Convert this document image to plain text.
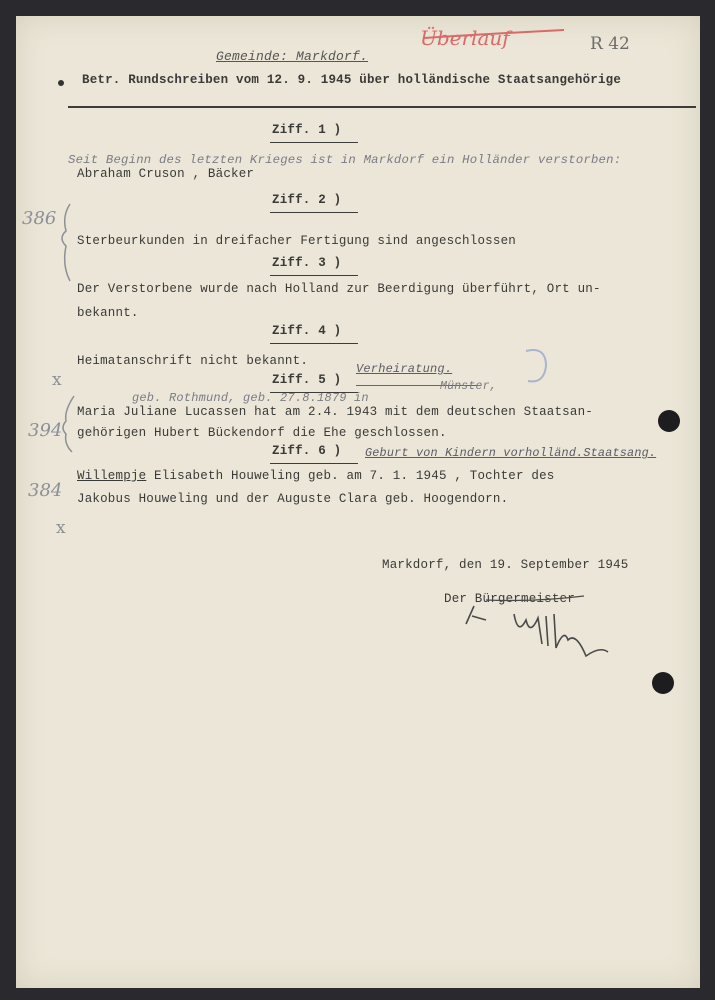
Gemeinde: Markdorf.
Überlauf	R 42
Betr. Rundschreiben vom 12. 9. 1945 über holländische Staatsangehörige
Ziff. 1 )
Seit Beginn des letzten Krieges ist in Markdorf ein Holländer verstorben:
Abraham Cruson , Bäcker
Ziff. 2 )
Sterbeurkunden in dreifacher Fertigung sind angeschlossen
Ziff. 3 )
Der Verstorbene wurde nach Holland zur Beerdigung überführt, Ort un-
bekannt.
Ziff. 4 )
Heimatanschrift nicht bekannt.
Ziff. 5 )
Verheiratung.
Münster,
geb. Rothmund, geb. 27.8.1879 in
Maria Juliane Lucassen hat am 2.4. 1943 mit dem deutschen Staatsan-
gehörigen Hubert Bückendorf die Ehe geschlossen.
Ziff. 6 ) Geburt von Kindern vorholländ.Staatsang.
Willempje Elisabeth Houweling geb. am 7. 1. 1945 , Tochter des
Jakobus Houweling und der Auguste Clara geb. Hoogendorn.
Markdorf, den 19. September 1945
Der Bürgermeister
386
x
394
384
x
